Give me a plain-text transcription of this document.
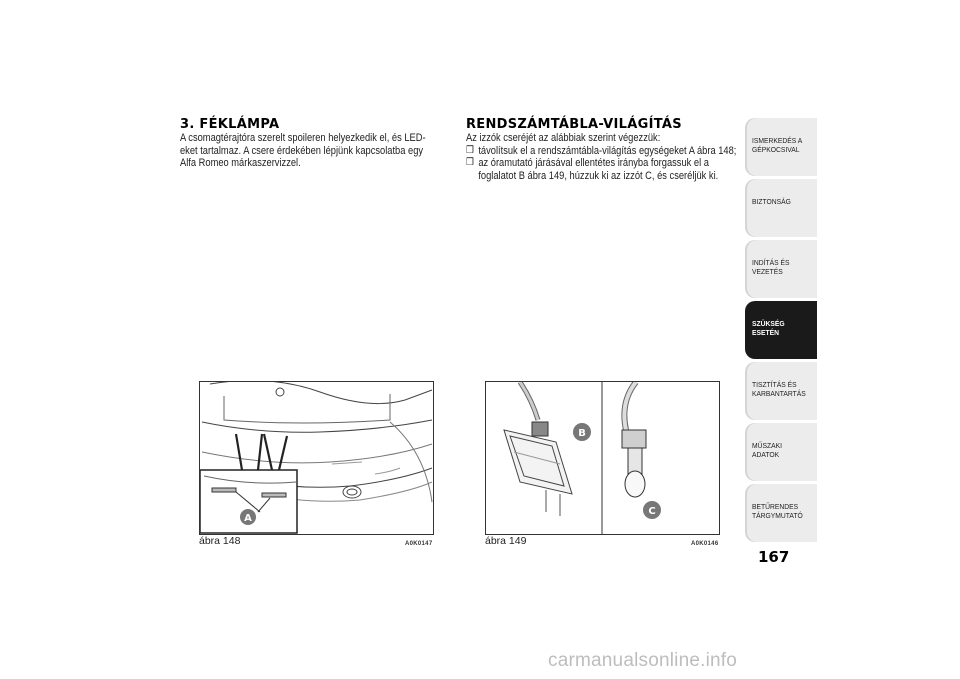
3. FÉKLÁMPA
A csomagtérajtóra szerelt spoileren helyezkedik el, és LED-eket tartalmaz. A csere érdekében lépjünk kapcsolatba egy Alfa Romeo márkaszervizzel.
A
ábra 148	A0K0147
RENDSZÁMTÁBLA-VILÁGÍTÁS
Az izzók cseréjét az alábbiak szerint végezzük:
❒ távolítsuk el a rendszámtábla-világítás egységeket A ábra 148;
❒ az óramutató járásával ellentétes irányba forgassuk el a foglalatot B ábra 149, húzzuk ki az izzót C, és cseréljük ki.
B
C
ábra 149	A0K0146
ISMERKEDÉS A GÉPKOCSIVAL
BIZTONSÁG
INDÍTÁS ÉS VEZETÉS
SZÜKSÉG ESETÉN
TISZTÍTÁS ÉS KARBANTARTÁS
MŰSZAKI ADATOK
BETŰRENDES TÁRGYMUTATÓ
167
carmanualsonline.info
